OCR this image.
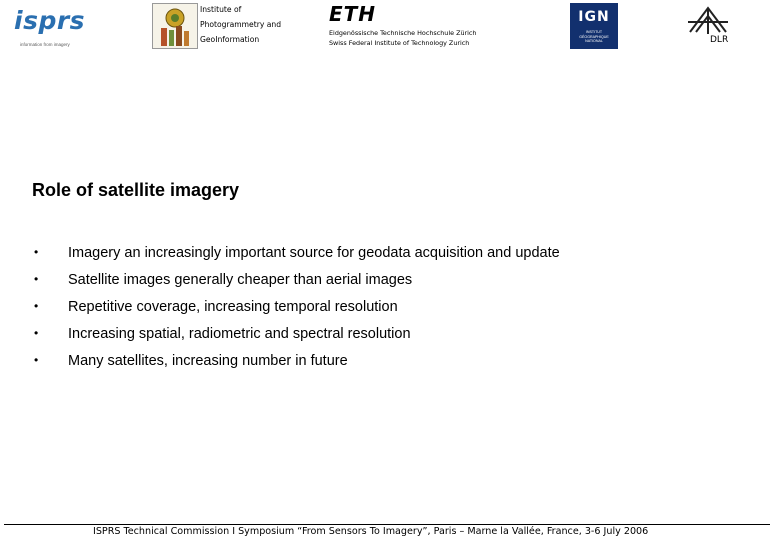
isprs
information from imagery
Institute of
Photogrammetry and
GeoInformation
ETH
Eidgenössische Technische Hochschule Zürich
Swiss Federal Institute of Technology Zurich
IGN
INSTITUT GÉOGRAPHIQUE NATIONAL	DLR
Role of satellite imagery
• Imagery an increasingly important source for geodata acquisition and update
• Satellite images generally cheaper than aerial images
• Repetitive coverage, increasing temporal resolution
• Increasing spatial, radiometric and spectral resolution
• Many satellites, increasing number in future
ISPRS Technical Commission I Symposium “From Sensors To Imagery”, Paris – Marne la Vallée, France, 3-6 July 2006
